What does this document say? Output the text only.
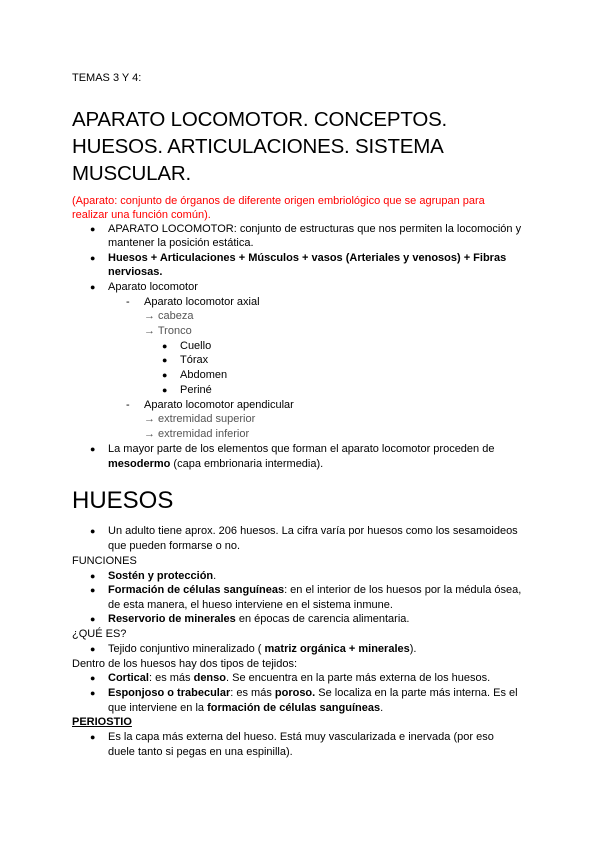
TEMAS 3 Y 4:
APARATO LOCOMOTOR. CONCEPTOS.
HUESOS. ARTICULACIONES. SISTEMA
MUSCULAR.
(Aparato: conjunto de órganos de diferente origen embriológico que se agrupan para
realizar una función común).
● APARATO LOCOMOTOR: conjunto de estructuras que nos permiten la locomoción y
mantener la posición estática.
● Huesos + Articulaciones + Músculos + vasos (Arteriales y venosos) + Fibras
nerviosas.
● Aparato locomotor
- Aparato locomotor axial
→ cabeza
→ Tronco
● Cuello
● Tórax
● Abdomen
● Periné
- Aparato locomotor apendicular
→ extremidad superior
→ extremidad inferior
● La mayor parte de los elementos que forman el aparato locomotor proceden de
mesodermo (capa embrionaria intermedia).
HUESOS
● Un adulto tiene aprox. 206 huesos. La cifra varía por huesos como los sesamoideos
que pueden formarse o no.
FUNCIONES
● Sostén y protección.
● Formación de células sanguíneas: en el interior de los huesos por la médula ósea,
de esta manera, el hueso interviene en el sistema inmune.
● Reservorio de minerales en épocas de carencia alimentaria.
¿QUÉ ES?
● Tejido conjuntivo mineralizado ( matriz orgánica + minerales).
Dentro de los huesos hay dos tipos de tejidos:
● Cortical: es más denso. Se encuentra en la parte más externa de los huesos.
● Esponjoso o trabecular: es más poroso. Se localiza en la parte más interna. Es el
que interviene en la formación de células sanguíneas.
PERIOSTIO
● Es la capa más externa del hueso. Está muy vascularizada e inervada (por eso
duele tanto si pegas en una espinilla).
